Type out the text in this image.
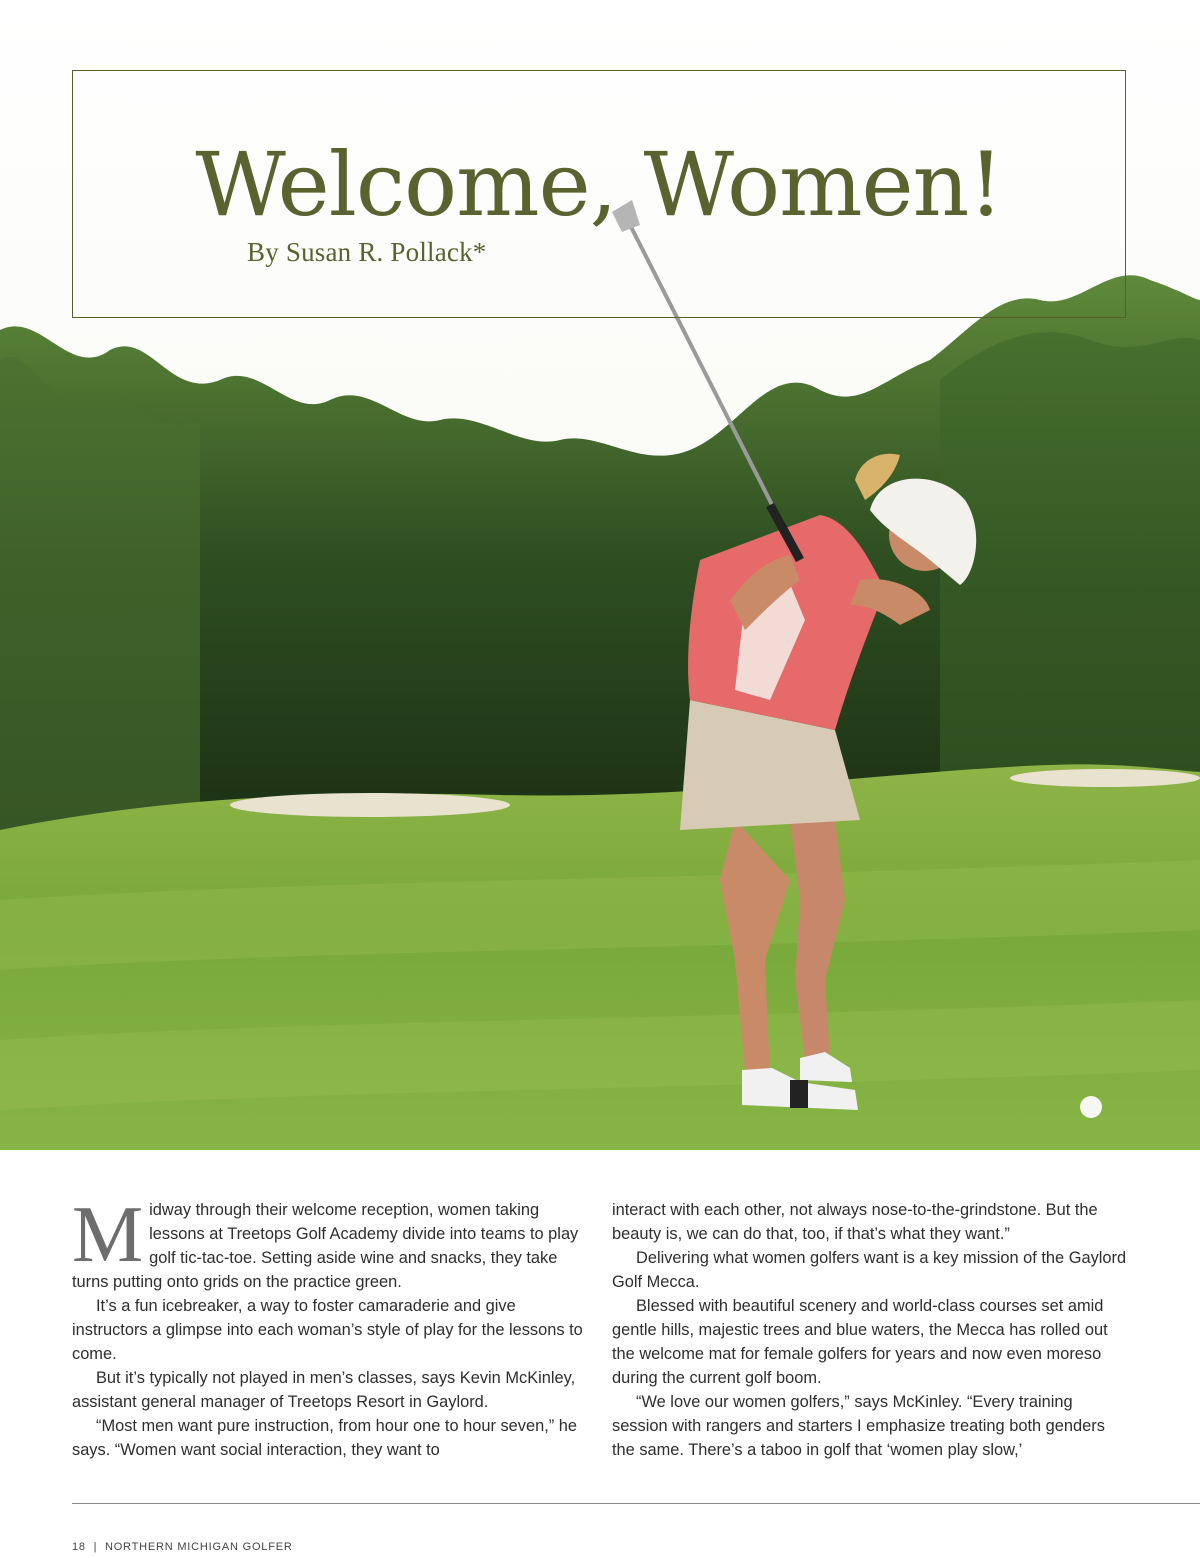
Welcome, Women!
By Susan R. Pollack*

Midway through their welcome reception, women taking lessons at Treetops Golf Academy divide into teams to play golf tic-tac-toe. Setting aside wine and snacks, they take turns putting onto grids on the practice green.

It’s a fun icebreaker, a way to foster camaraderie and give instructors a glimpse into each woman’s style of play for the lessons to come.

But it’s typically not played in men’s classes, says Kevin McKinley, assistant general manager of Treetops Resort in Gaylord.

“Most men want pure instruction, from hour one to hour seven,” he says. “Women want social interaction, they want to

interact with each other, not always nose-to-the-grindstone. But the beauty is, we can do that, too, if that’s what they want.”

Delivering what women golfers want is a key mission of the Gaylord Golf Mecca.

Blessed with beautiful scenery and world-class courses set amid gentle hills, majestic trees and blue waters, the Mecca has rolled out the welcome mat for female golfers for years and now even moreso during the current golf boom.

“We love our women golfers,” says McKinley. “Every training session with rangers and starters I emphasize treating both genders the same. There’s a taboo in golf that ‘women play slow,’

18 | NORTHERN MICHIGAN GOLFER
